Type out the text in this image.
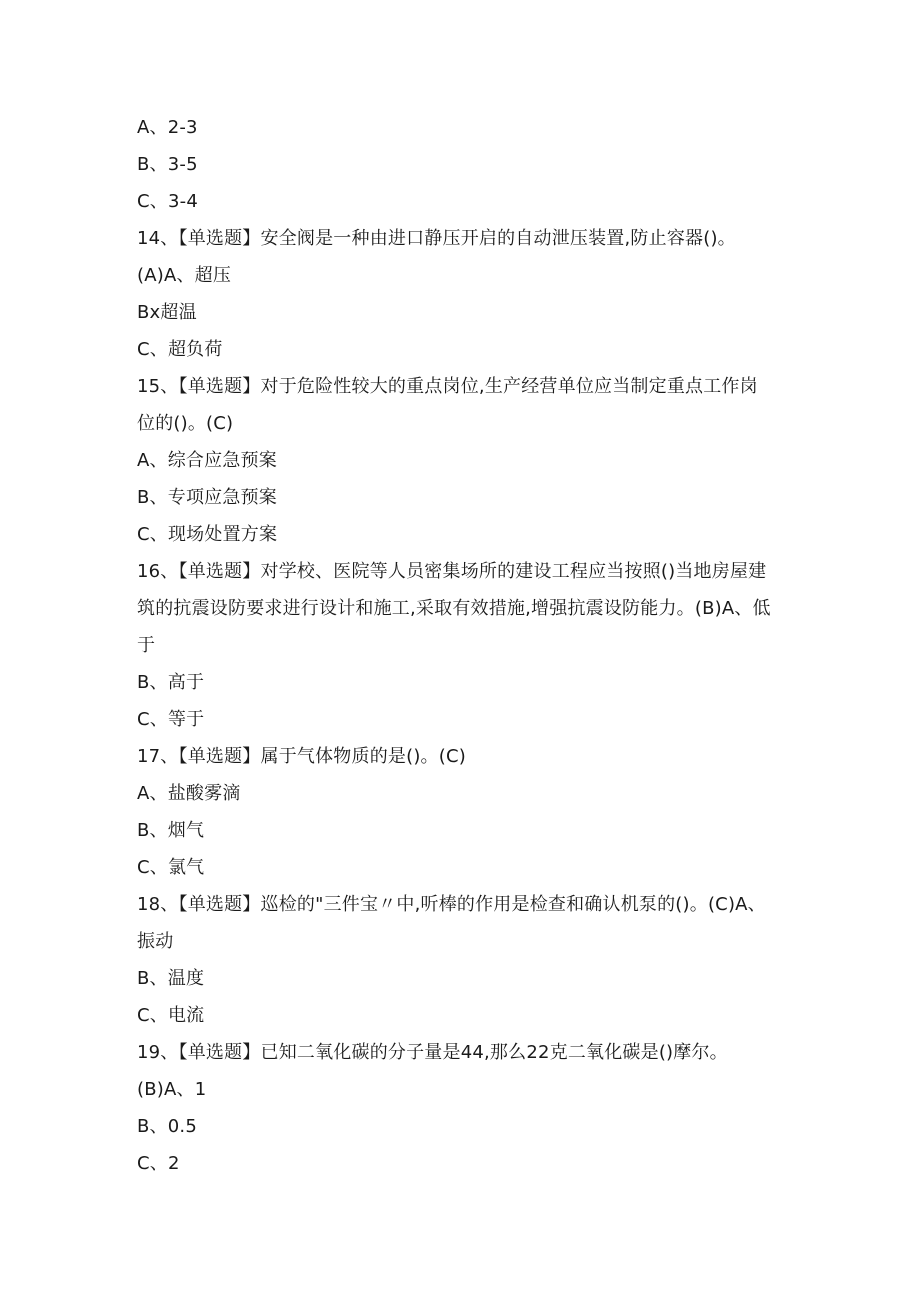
A、2-3
B、3-5
C、3-4
14、【单选题】安全阀是一种由进口静压开启的自动泄压装置,防止容器()。
(A)A、超压
Bx超温
C、超负荷
15、【单选题】对于危险性较大的重点岗位,生产经营单位应当制定重点工作岗
位的()。(C)
A、综合应急预案
B、专项应急预案
C、现场处置方案
16、【单选题】对学校、医院等人员密集场所的建设工程应当按照()当地房屋建
筑的抗震设防要求进行设计和施工,采取有效措施,增强抗震设防能力。(B)A、低
于
B、高于
C、等于
17、【单选题】属于气体物质的是()。(C)
A、盐酸雾滴
B、烟气
C、氯气
18、【单选题】巡检的"三件宝〃中,听棒的作用是检查和确认机泵的()。(C)A、
振动
B、温度
C、电流
19、【单选题】已知二氧化碳的分子量是44,那么22克二氧化碳是()摩尔。
(B)A、1
B、0.5
C、2
